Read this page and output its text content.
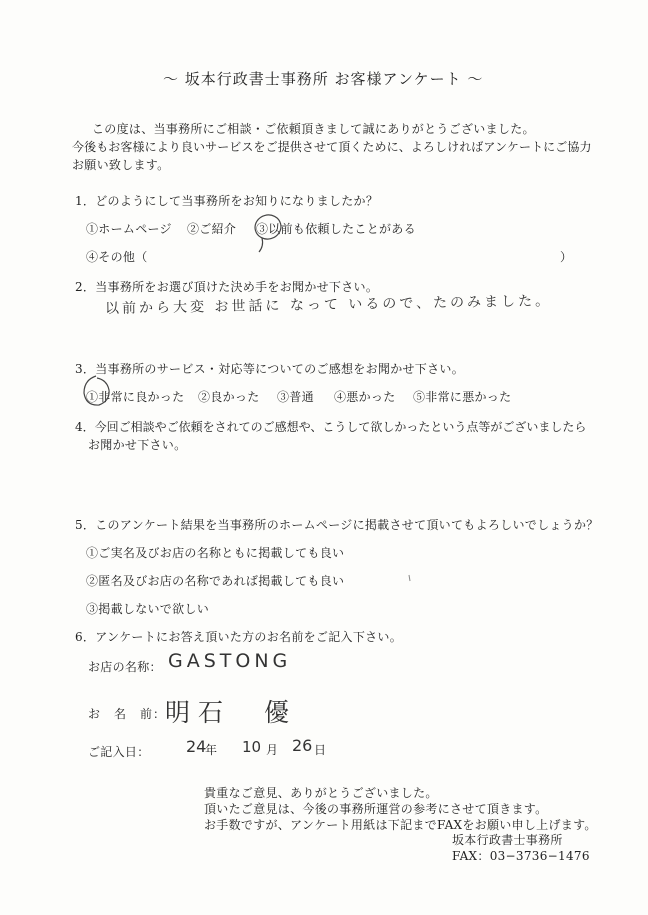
〜 坂本行政書士事務所 お客様アンケート 〜
この度は、当事務所にご相談・ご依頼頂きまして誠にありがとうございました。
今後もお客様により良いサービスをご提供させて頂くために、よろしければアンケートにご協力
お願い致します。
1．どのようにして当事務所をお知りになりましたか？
①ホームページ ②ご紹介 ③以前も依頼したことがある
④その他（	）
2．当事務所をお選び頂けた決め手をお聞かせ下さい。
以前から大変 お世話に なって いるので、たのみました。
3．当事務所のサービス・対応等についてのご感想をお聞かせ下さい。
①非常に良かった ②良かった ③普通 ④悪かった ⑤非常に悪かった
4．今回ご相談やご依頼をされてのご感想や、こうして欲しかったという点等がございましたら
お聞かせ下さい。
5．このアンケート結果を当事務所のホームページに掲載させて頂いてもよろしいでしょうか？
①ご実名及びお店の名称ともに掲載しても良い
②匿名及びお店の名称であれば掲載しても良い
③掲載しないで欲しい
6．アンケートにお答え頂いた方のお名前をご記入下さい。
お店の名称： GASTONG
お　名　前：
明石　優
ご記入日： 24
年 10 月 26 日
貴重なご意見、ありがとうございました。
頂いたご意見は、今後の事務所運営の参考にさせて頂きます。
お手数ですが、アンケート用紙は下記までFAXをお願い申し上げます。
坂本行政書士事務所
FAX：03−3736−1476
